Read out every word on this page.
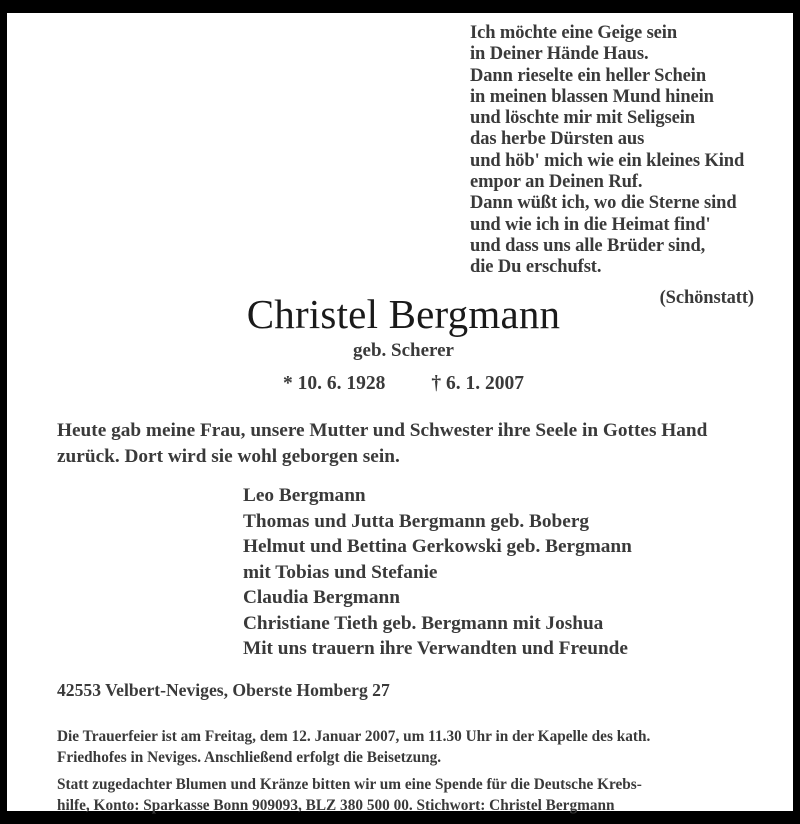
Ich möchte eine Geige sein
in Deiner Hände Haus.
Dann rieselte ein heller Schein
in meinen blassen Mund hinein
und löschte mir mit Seligsein
das herbe Dürsten aus
und höb' mich wie ein kleines Kind
empor an Deinen Ruf.
Dann wüßt ich, wo die Sterne sind
und wie ich in die Heimat find'
und dass uns alle Brüder sind,
die Du erschufst.
(Schönstatt)
Christel Bergmann
geb. Scherer
* 10. 6. 1928 † 6. 1. 2007
Heute gab meine Frau, unsere Mutter und Schwester ihre Seele in Gottes Hand
zurück. Dort wird sie wohl geborgen sein.
Leo Bergmann
Thomas und Jutta Bergmann geb. Boberg
Helmut und Bettina Gerkowski geb. Bergmann
mit Tobias und Stefanie
Claudia Bergmann
Christiane Tieth geb. Bergmann mit Joshua
Mit uns trauern ihre Verwandten und Freunde
42553 Velbert-Neviges, Oberste Homberg 27
Die Trauerfeier ist am Freitag, dem 12. Januar 2007, um 11.30 Uhr in der Kapelle des kath.
Friedhofes in Neviges. Anschließend erfolgt die Beisetzung.
Statt zugedachter Blumen und Kränze bitten wir um eine Spende für die Deutsche Krebs-
hilfe, Konto: Sparkasse Bonn 909093, BLZ 380 500 00. Stichwort: Christel Bergmann
